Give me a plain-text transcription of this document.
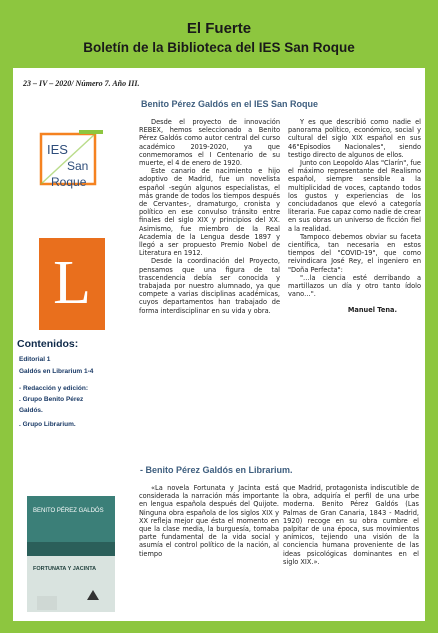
El Fuerte
Boletín de la Biblioteca del IES San Roque
23 – IV – 2020/ Número 7. Año III.
IES
San
Roque
L
Contenidos:
Editorial 1
Galdós en Librarium 1-4
- Redacción y edición:
. Grupo Benito Pérez
Galdós.
. Grupo Librarium.
Benito Pérez Galdós en el IES San Roque

Desde el proyecto de innovación REBEX, hemos seleccionado a Benito Pérez Galdós como autor central del curso académico 2019-2020, ya que conmemoramos el I Centenario de su muerte, el 4 de enero de 1920.

Este canario de nacimiento e hijo adoptivo de Madrid, fue un novelista español -según algunos especialistas, el más grande de todos los tiempos después de Cervantes-, dramaturgo, cronista y político en ese convulso tránsito entre finales del siglo XIX y principios del XX. Asimismo, fue miembro de la Real Academia de la Lengua desde 1897 y llegó a ser propuesto Premio Nobel de Literatura en 1912.

Desde la coordinación del Proyecto, pensamos que una figura de tal trascendencia debía ser conocida y trabajada por nuestro alumnado, ya que compete a varias disciplinas académicas, cuyos departamentos han trabajado de forma interdisciplinar en su vida y obra.

Y es que describió como nadie el panorama político, económico, social y cultural del siglo XIX español en sus 46"Episodios Nacionales", siendo testigo directo de algunos de ellos.

Junto con Leopoldo Alas "Clarín", fue el máximo representante del Realismo español, siempre sensible a la multiplicidad de voces, captando todos los gustos y experiencias de los conciudadanos que elevó a categoría literaria. Fue capaz como nadie de crear en sus obras un universo de ficción fiel a la realidad.

Tampoco debemos obviar su faceta científica, tan necesaria en estos tiempos del "COVID-19", que como reivindicara José Rey, el ingeniero en "Doña Perfecta":

"…la ciencia esté derribando a martillazos un día y otro tanto ídolo vano…".

Manuel Tena.
- Benito Pérez Galdós en Librarium.
BENITO PÉREZ GALDÓS
FORTUNATA Y JACINTA

«La novela Fortunata y Jacinta está considerada la narración más importante en lengua española después del Quijote. Ninguna obra española de los siglos XIX y XX refleja mejor que ésta el momento en que la clase media, la burguesía, tomaba parte fundamental de la vida social y asumía el control político de la nación, al tiempo

que Madrid, protagonista indiscutible de la obra, adquiría el perfil de una urbe moderna. Benito Pérez Galdós (Las Palmas de Gran Canaria, 1843 - Madrid, 1920) recoge en su obra cumbre el palpitar de una época, sus movimientos anímicos, tejiendo una visión de la conciencia humana proveniente de las ideas psicológicas dominantes en el siglo XIX.».
